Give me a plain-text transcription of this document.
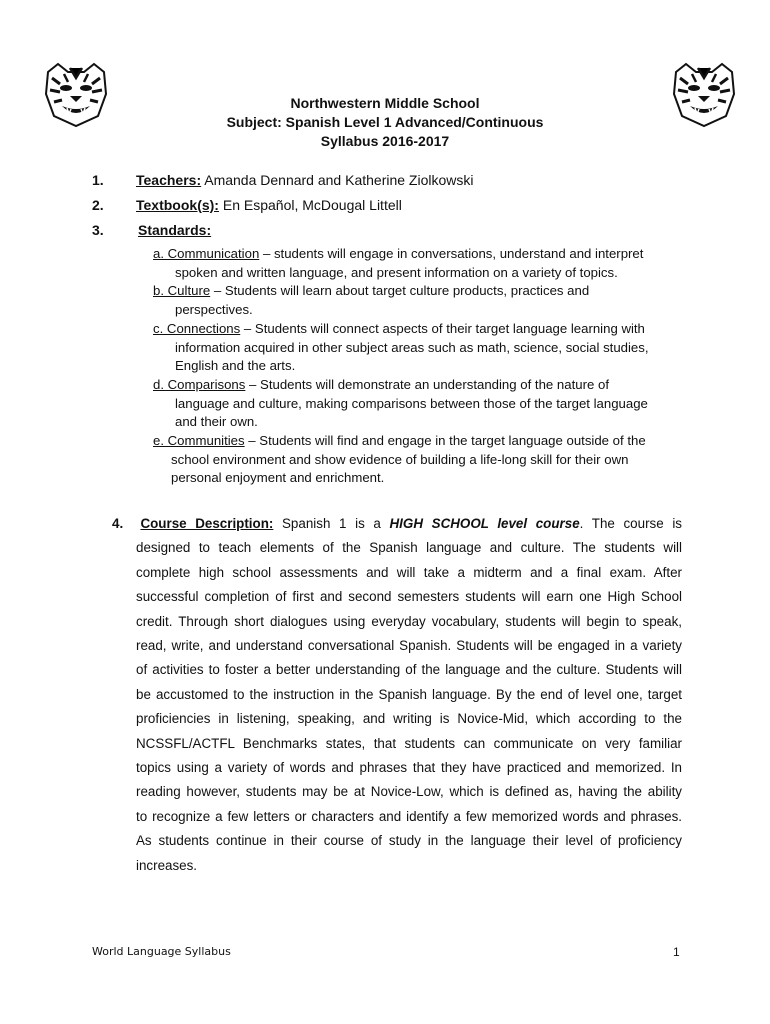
Northwestern Middle School
Subject: Spanish Level 1 Advanced/Continuous
Syllabus 2016-2017
1. Teachers: Amanda Dennard and Katherine Ziolkowski
2. Textbook(s): En Español, McDougal Littell
3. Standards:

a. Communication – students will engage in conversations, understand and interpret

spoken and written language, and present information on a variety of topics.

b. Culture – Students will learn about target culture products, practices and

perspectives.

c. Connections – Students will connect aspects of their target language learning with

information acquired in other subject areas such as math, science, social studies,

English and the arts.

d. Comparisons – Students will demonstrate an understanding of the nature of

language and culture, making comparisons between those of the target language

and their own.

e. Communities – Students will find and engage in the target language outside of the

school environment and show evidence of building a life-long skill for their own

personal enjoyment and enrichment.

4. Course Description: Spanish 1 is a HIGH SCHOOL level course. The course is
designed to teach elements of the Spanish language and culture. The students will
complete high school assessments and will take a midterm and a final exam. After
successful completion of first and second semesters students will earn one High School
credit. Through short dialogues using everyday vocabulary, students will begin to speak,
read, write, and understand conversational Spanish. Students will be engaged in a variety
of activities to foster a better understanding of the language and the culture. Students will
be accustomed to the instruction in the Spanish language. By the end of level one, target
proficiencies in listening, speaking, and writing is Novice-Mid, which according to the
NCSSFL/ACTFL Benchmarks states, that students can communicate on very familiar
topics using a variety of words and phrases that they have practiced and memorized. In
reading however, students may be at Novice-Low, which is defined as, having the ability
to recognize a few letters or characters and identify a few memorized words and phrases.
As students continue in their course of study in the language their level of proficiency
increases.
World Language Syllabus	1
